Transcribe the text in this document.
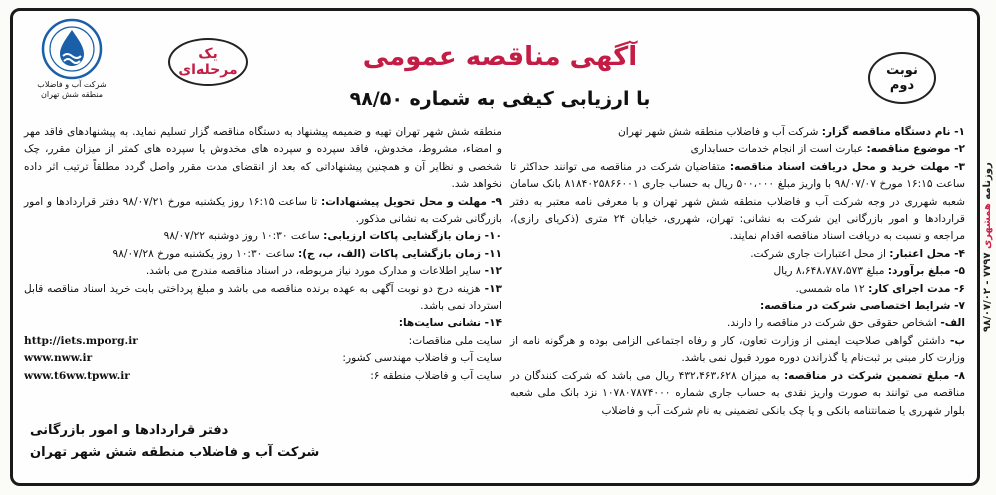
روزنامه همشهری ۷۷۹۷ - ۹۸/۰۷/۰۲
شرکت آب و فاضلاب
منطقه شش تهران
یک مرحله‌ای	نوبت
دوم
آگهی مناقصه عمومی
با ارزیابی کیفی به شماره ۹۸/۵۰

۱- نام دستگاه مناقصه گزار: شرکت آب و فاضلاب منطقه شش شهر تهران

۲- موضوع مناقصه: عبارت است از انجام خدمات حسابداری

۳- مهلت خرید و محل دریافت اسناد مناقصه: متقاضیان شرکت در مناقصه می توانند حداکثر تا ساعت ۱۶:۱۵ مورخ ۹۸/۰۷/۰۷ با واریز مبلغ ۵۰۰،۰۰۰ ریال به حساب جاری ۸۱۸۴۰۲۵۸۶۶۰۰۱ بانک سامان شعبه شهرری در وجه شرکت آب و فاضلاب منطقه شش شهر تهران و با معرفی نامه معتبر به دفتر قراردادها و امور بازرگانی این شرکت به نشانی: تهران، شهرری، خیابان ۲۴ متری (ذکریای رازی)، مراجعه و نسبت به دریافت اسناد مناقصه اقدام نمایند.

۴- محل اعتبار: از محل اعتبارات جاری شرکت.

۵- مبلغ برآورد: مبلغ ۸،۶۴۸،۷۸۷،۵۷۳ ریال

۶- مدت اجرای کار: ۱۲ ماه شمسی.

۷- شرایط اختصاصی شرکت در مناقصه:

الف- اشخاص حقوقی حق شرکت در مناقصه را دارند.

ب- داشتن گواهی صلاحیت ایمنی از وزارت تعاون، کار و رفاه اجتماعی الزامی بوده و هرگونه نامه از وزارت کار مبنی بر ثبت‌نام یا گذراندن دوره مورد قبول نمی باشد.

۸- مبلغ تضمین شرکت در مناقصه: به میزان ۴۳۲،۴۶۳،۶۲۸ ریال می باشد که شرکت کنندگان در مناقصه می توانند به صورت واریز نقدی به حساب جاری شماره ۱۰۷۸۰۷۸۷۴۰۰۰ نزد بانک ملی شعبه بلوار شهرری یا ضمانتنامه بانکی و یا چک بانکی تضمینی به نام شرکت آب و فاضلاب

منطقه شش شهر تهران تهیه و ضمیمه پیشنهاد به دستگاه مناقصه گزار تسلیم نماید. به پیشنهادهای فاقد مهر و امضاء، مشروط، مخدوش، فاقد سپرده و سپرده های مخدوش یا سپرده های کمتر از میزان مقرر، چک شخصی و نظایر آن و همچنین پیشنهاداتی که بعد از انقضای مدت مقرر واصل گردد مطلقاً ترتیب اثر داده نخواهد شد.

۹- مهلت و محل تحویل پیشنهادات: تا ساعت ۱۶:۱۵ روز یکشنبه مورخ ۹۸/۰۷/۲۱ دفتر قراردادها و امور بازرگانی شرکت به نشانی مذکور.

۱۰- زمان بازگشایی پاکات ارزیابی: ساعت ۱۰:۳۰ روز دوشنبه ۹۸/۰۷/۲۲

۱۱- زمان بازگشایی پاکات (الف، ب، ج): ساعت ۱۰:۳۰ روز یکشنبه مورخ ۹۸/۰۷/۲۸

۱۲- سایر اطلاعات و مدارک مورد نیاز مربوطه، در اسناد مناقصه مندرج می باشد.

۱۳- هزینه درج دو نوبت آگهی به عهده برنده مناقصه می باشد و مبلغ پرداختی بابت خرید اسناد مناقصه قابل استرداد نمی باشد.

۱۴- نشانی سایت‌ها:

سایت ملی مناقصات:
http://iets.mporg.ir
سایت آب و فاضلاب مهندسی کشور:
www.nww.ir
سایت آب و فاضلاب منطقه ۶:
www.t6ww.tpww.ir
دفتر قراردادها و امور بازرگانی
شرکت آب و فاضلاب منطقه شش شهر تهران
